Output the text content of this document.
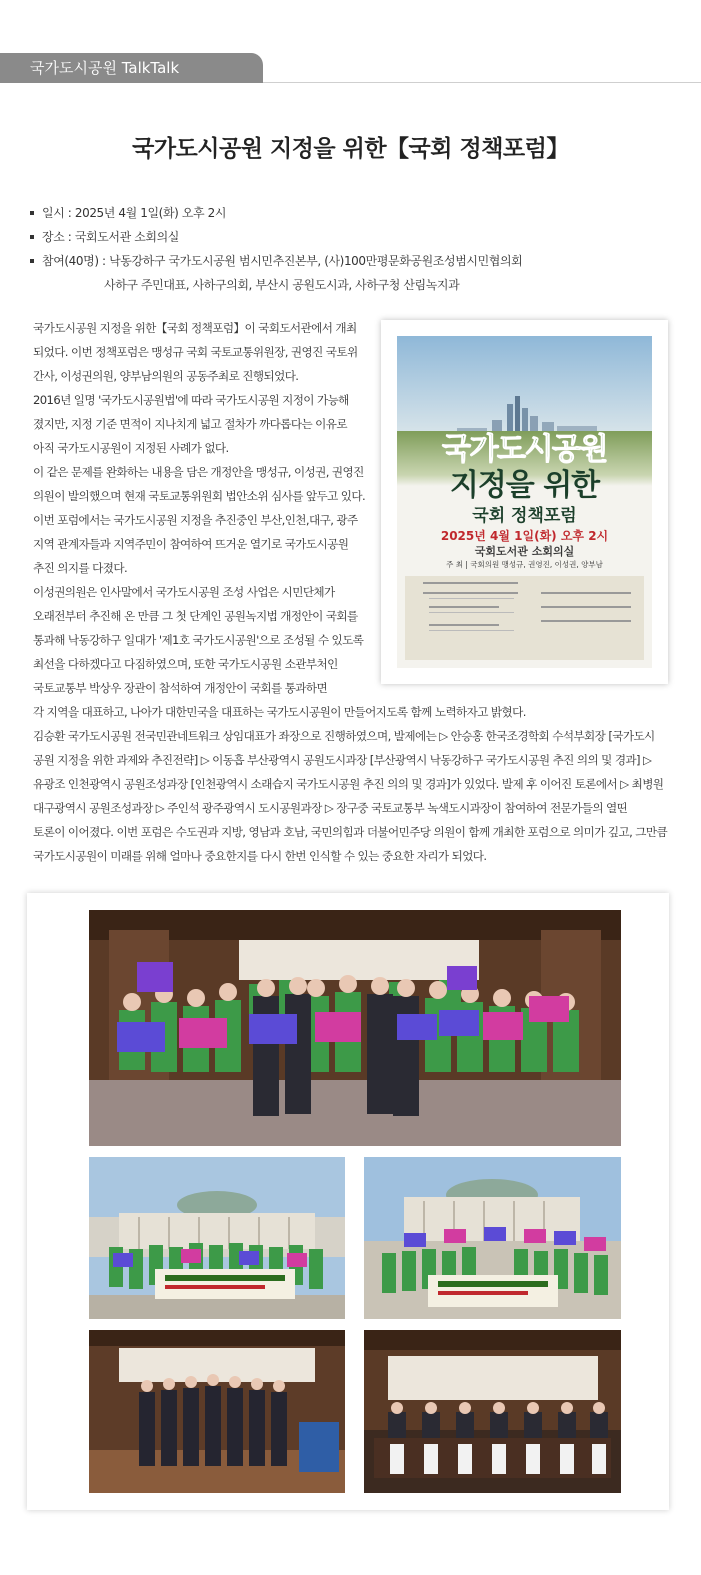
국가도시공원 TalkTalk
국가도시공원 지정을 위한【국회 정책포럼】
일시 : 2025년 4월 1일(화) 오후 2시
장소 : 국회도서관 소회의실
참여(40명) : 낙동강하구 국가도시공원 범시민추진본부, (사)100만평문화공원조성범시민협의회
사하구 주민대표, 사하구의회, 부산시 공원도시과, 사하구청 산림녹지과
국가도시공원 지정을 위한【국회 정책포럼】이 국회도서관에서 개최
되었다. 이번 정책포럼은 맹성규 국회 국토교통위원장, 권영진 국토위
간사, 이성권의원, 양부남의원의 공동주최로 진행되었다.
2016년 일명 '국가도시공원법'에 따라 국가도시공원 지정이 가능해
졌지만, 지정 기준 면적이 지나치게 넓고 절차가 까다롭다는 이유로
아직 국가도시공원이 지정된 사례가 없다.
이 같은 문제를 완화하는 내용을 담은 개정안을 맹성규, 이성권, 권영진
의원이 발의했으며 현재 국토교통위원회 법안소위 심사를 앞두고 있다.
이번 포럼에서는 국가도시공원 지정을 추진중인 부산,인천,대구, 광주
지역 관계자들과 지역주민이 참여하여 뜨거운 열기로 국가도시공원
추진 의지를 다졌다.
이성권의원은 인사말에서 국가도시공원 조성 사업은 시민단체가
오래전부터 추진해 온 만큼 그 첫 단계인 공원녹지법 개정안이 국회를
통과해 낙동강하구 일대가 '제1호 국가도시공원'으로 조성될 수 있도록
최선을 다하겠다고 다짐하였으며, 또한 국가도시공원 소관부처인
국토교통부 박상우 장관이 참석하여 개정안이 국회를 통과하면
각 지역을 대표하고, 나아가 대한민국을 대표하는 국가도시공원이 만들어지도록 함께 노력하자고 밝혔다.
김승환 국가도시공원 전국민관네트워크 상임대표가 좌장으로 진행하였으며, 발제에는 ▷ 안승홍 한국조경학회 수석부회장 [국가도시
공원 지정을 위한 과제와 추진전략] ▷ 이동흡 부산광역시 공원도시과장 [부산광역시 낙동강하구 국가도시공원 추진 의의 및 경과] ▷
유광조 인천광역시 공원조성과장 [인천광역시 소래습지 국가도시공원 추진 의의 및 경과]가 있었다. 발제 후 이어진 토론에서 ▷ 최병원
대구광역시 공원조성과장 ▷ 주인석 광주광역시 도시공원과장 ▷ 장구중 국토교통부 녹색도시과장이 참여하여 전문가들의 열띤
토론이 이어졌다. 이번 포럼은 수도권과 지방, 영남과 호남, 국민의힘과 더불어민주당 의원이 함께 개최한 포럼으로 의미가 깊고, 그만큼
국가도시공원이 미래를 위해 얼마나 중요한지를 다시 한번 인식할 수 있는 중요한 자리가 되었다.
국가도시공원
지정을 위한
국회 정책포럼
2025년 4월 1일(화) 오후 2시
국회도서관 소회의실
주 최 | 국회의원 맹성규, 권영진, 이성권, 양부남
